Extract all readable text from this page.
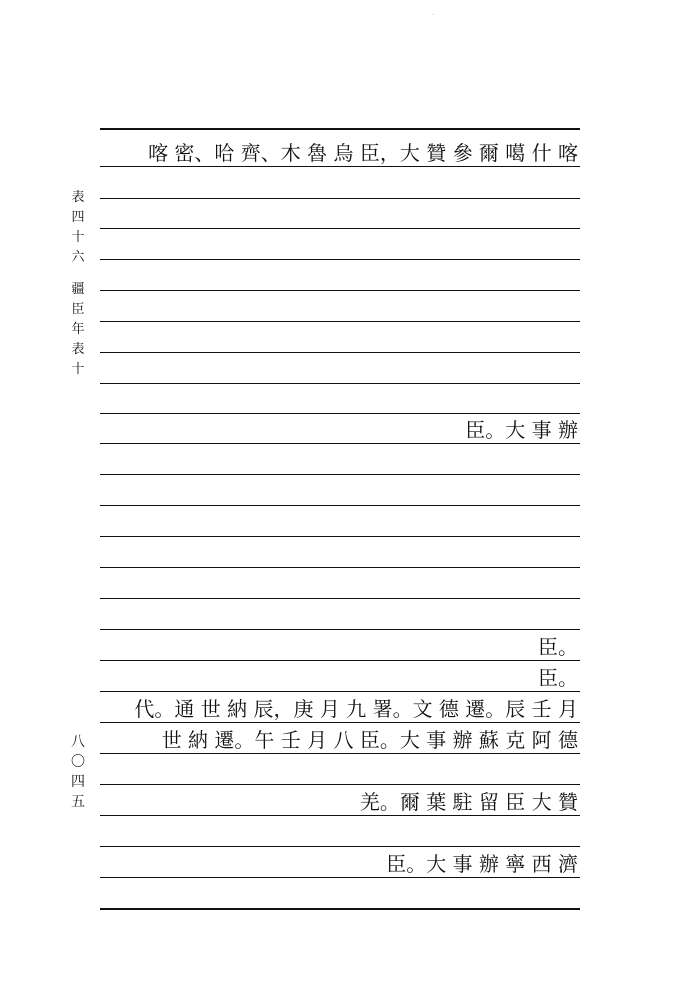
·
表
四
十
六
疆
臣
年
表
十
八
〇
四
五
喀 密、哈 齊、木 魯 烏 臣，大 贊 參 爾 噶 什 喀
臣。大 事 辦
臣。
臣。
代。通 世 納 辰，庚 月 九 署。文 德 遷。辰 壬 月
世 納 遷。午 壬 月 八 臣。大 事 辦 蘇 克 阿 德
羌。爾 葉 駐 留 臣 大 贊
臣。大 事 辦 寧 西 濟
